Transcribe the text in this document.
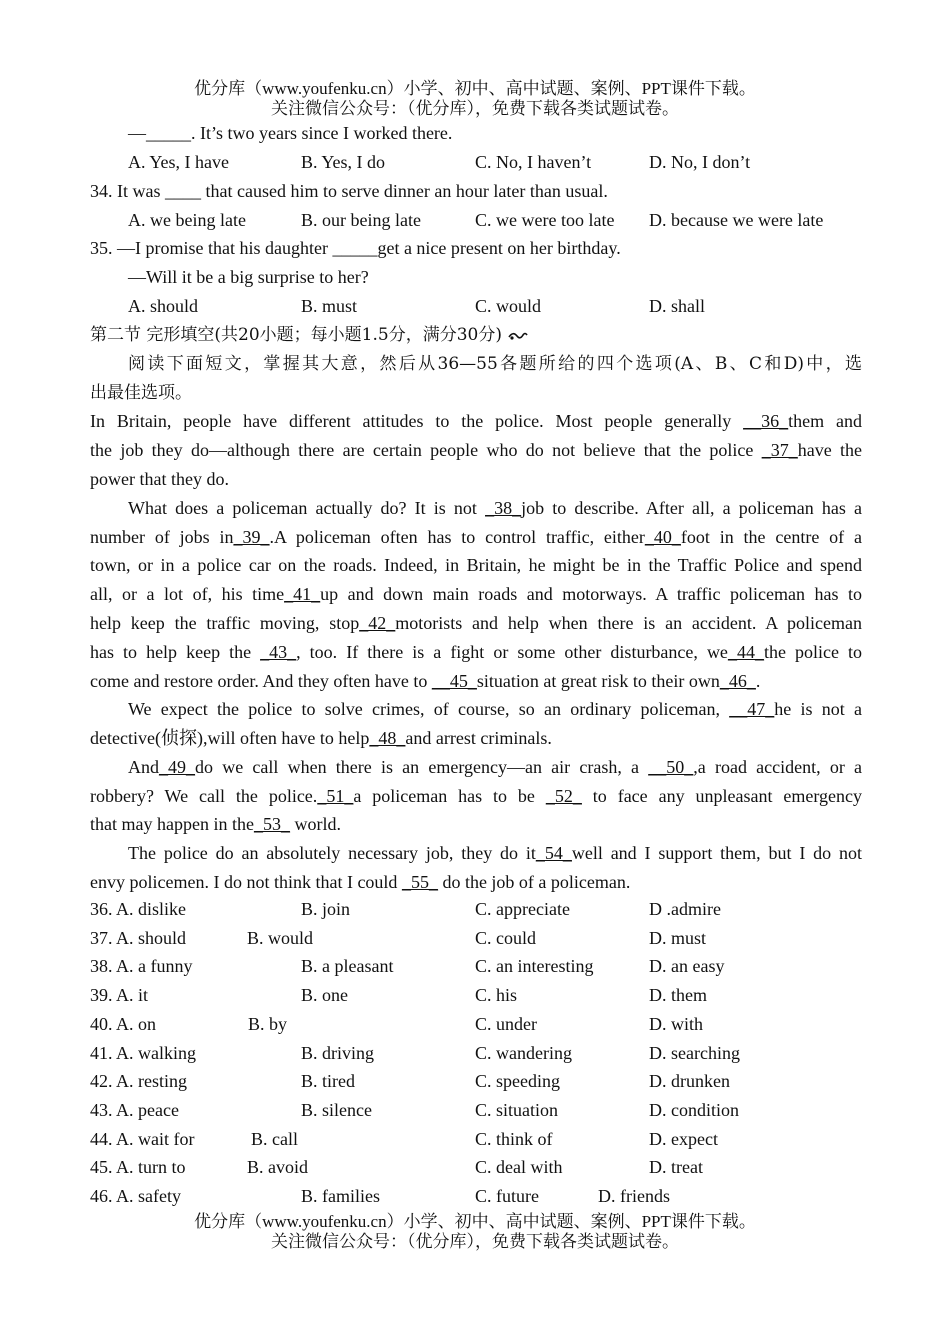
优分库（www.youfenku.cn）小学、初中、高中试题、案例、PPT课件下载。
关注微信公众号：（优分库），免费下载各类试题试卷。
—_____. It’s two years since I worked there.
A. Yes, I have	B. Yes, I do	C. No, I haven’t	D. No, I don’t
34. It was ____ that caused him to serve dinner an hour later than usual.
A. we being late	B. our being late	C. we were too late D. because we were late
35. —I promise that his daughter _____get a nice present on her birthday.
—Will it be a big surprise to her?
A. should	B. must	C. would	D. shall
第二节 完形填空(共20小题；每小题1.5分，满分30分)
阅读下面短文，掌握其大意，然后从36—55各题所给的四个选项(A、B、C和D)中，选
出最佳选项。
In Britain, people have different attitudes to the police. Most people generally __36_them and
the job they do—although there are certain people who do not believe that the police _37_have the
power that they do.
What does a policeman actually do? It is not _38_job to describe. After all, a policeman has a
number of jobs in_39_.A policeman often has to control traffic, either_40_foot in the centre of a
town, or in a police car on the roads. Indeed, in Britain, he might be in the Traffic Police and spend
all, or a lot of, his time_41_up and down main roads and motorways. A traffic policeman has to
help keep the traffic moving, stop_42_motorists and help when there is an accident. A policeman
has to help keep the _43_, too. If there is a fight or some other disturbance, we_44_the police to
come and restore order. And they often have to __45_situation at great risk to their own_46_.
We expect the police to solve crimes, of course, so an ordinary policeman, __47_he is not a
detective(侦探),will often have to help_48_and arrest criminals.
And_49_do we call when there is an emergency—an air crash, a __50_,a road accident, or a
robbery? We call the police._51_a policeman has to be _52_ to face any unpleasant emergency
that may happen in the_53_ world.
The police do an absolutely necessary job, they do it_54_well and I support them, but I do not
envy policemen. I do not think that I could _55_ do the job of a policeman.
36. A. dislike	B. join	C. appreciate	D .admire
37. A. should	B. would	C. could	D. must
38. A. a funny	B. a pleasant	C. an interesting	D. an easy
39. A. it	B. one	C. his	D. them
40. A. on	B. by	C. under	D. with
41. A. walking	B. driving	C. wandering	D. searching
42. A. resting	B. tired	C. speeding	D. drunken
43. A. peace	B. silence	C. situation	D. condition
44. A. wait for	B. call	C. think of	D. expect
45. A. turn to	B. avoid	C. deal with	D. treat
46. A. safety	B. families	C. future	D. friends
优分库（www.youfenku.cn）小学、初中、高中试题、案例、PPT课件下载。
关注微信公众号：（优分库），免费下载各类试题试卷。
